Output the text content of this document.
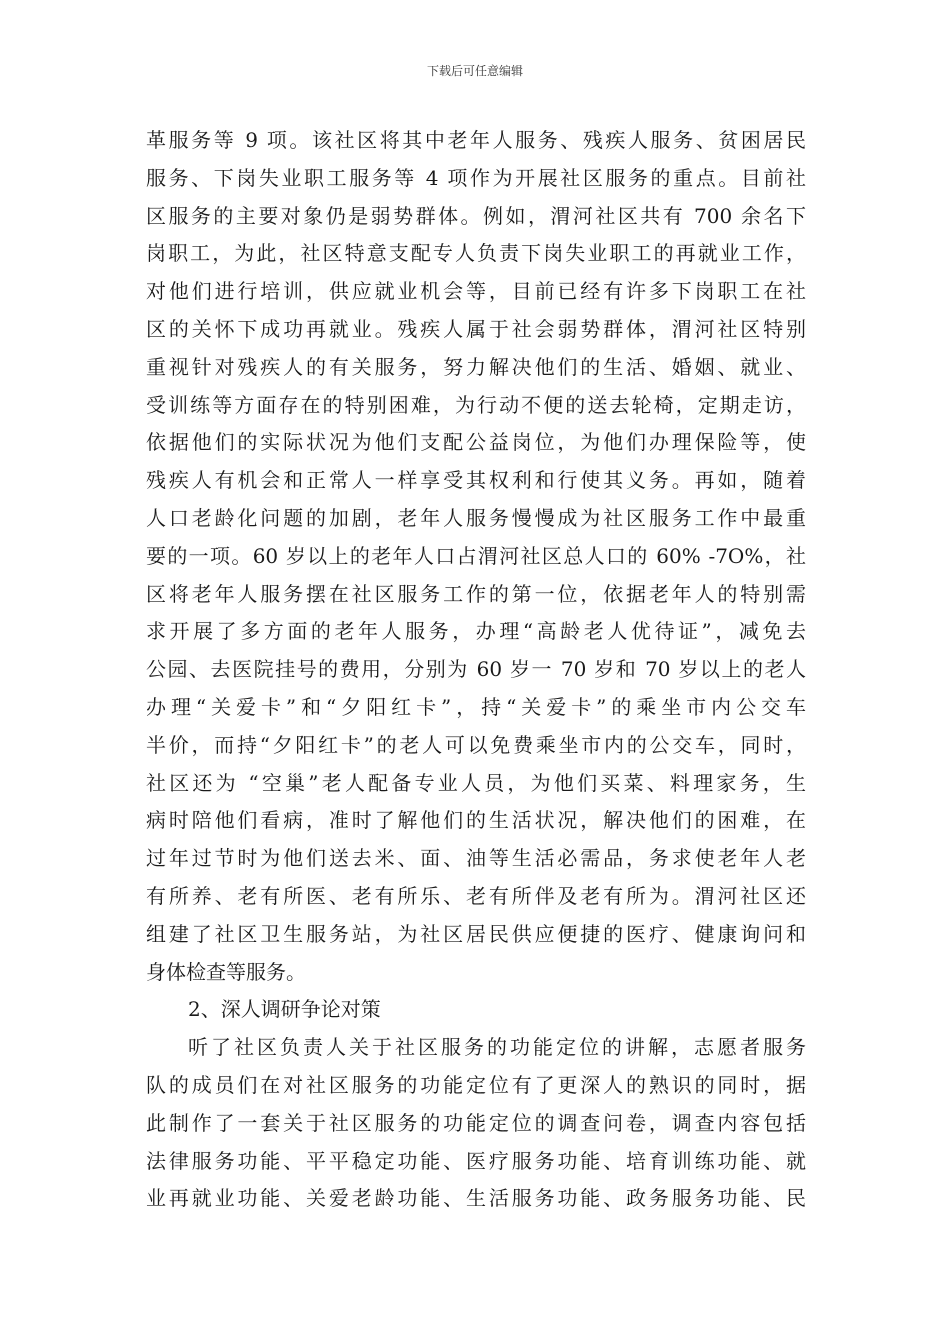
下载后可任意编辑
革服务等 9 项。该社区将其中老年人服务、残疾人服务、贫困居民
服务、下岗失业职工服务等 4 项作为开展社区服务的重点。目前社
区服务的主要对象仍是弱势群体。例如，渭河社区共有 700 余名下
岗职工，为此，社区特意支配专人负责下岗失业职工的再就业工作，
对他们进行培训，供应就业机会等，目前已经有许多下岗职工在社
区的关怀下成功再就业。残疾人属于社会弱势群体，渭河社区特别
重视针对残疾人的有关服务，努力解决他们的生活、婚姻、就业、
受训练等方面存在的特别困难，为行动不便的送去轮椅，定期走访，
依据他们的实际状况为他们支配公益岗位，为他们办理保险等，使
残疾人有机会和正常人一样享受其权利和行使其义务。再如，随着
人口老龄化问题的加剧，老年人服务慢慢成为社区服务工作中最重
要的一项。60 岁以上的老年人口占渭河社区总人口的 60% -7O%，社
区将老年人服务摆在社区服务工作的第一位，依据老年人的特别需
求开展了多方面的老年人服务，办理“高龄老人优待证”，减免去
公园、去医院挂号的费用，分别为 60 岁一 70 岁和 70 岁以上的老人
办理“关爱卡”和“夕阳红卡”，持“关爱卡”的乘坐市内公交车
半价，而持“夕阳红卡”的老人可以免费乘坐市内的公交车，同时，
社区还为 “空巢”老人配备专业人员，为他们买菜、料理家务，生
病时陪他们看病，准时了解他们的生活状况，解决他们的困难，在
过年过节时为他们送去米、面、油等生活必需品，务求使老年人老
有所养、老有所医、老有所乐、老有所伴及老有所为。渭河社区还
组建了社区卫生服务站，为社区居民供应便捷的医疗、健康询问和
身体检查等服务。
2、深人调研争论对策
听了社区负责人关于社区服务的功能定位的讲解，志愿者服务
队的成员们在对社区服务的功能定位有了更深人的熟识的同时，据
此制作了一套关于社区服务的功能定位的调查问卷，调查内容包括
法律服务功能、平平稳定功能、医疗服务功能、培育训练功能、就
业再就业功能、关爱老龄功能、生活服务功能、政务服务功能、民
